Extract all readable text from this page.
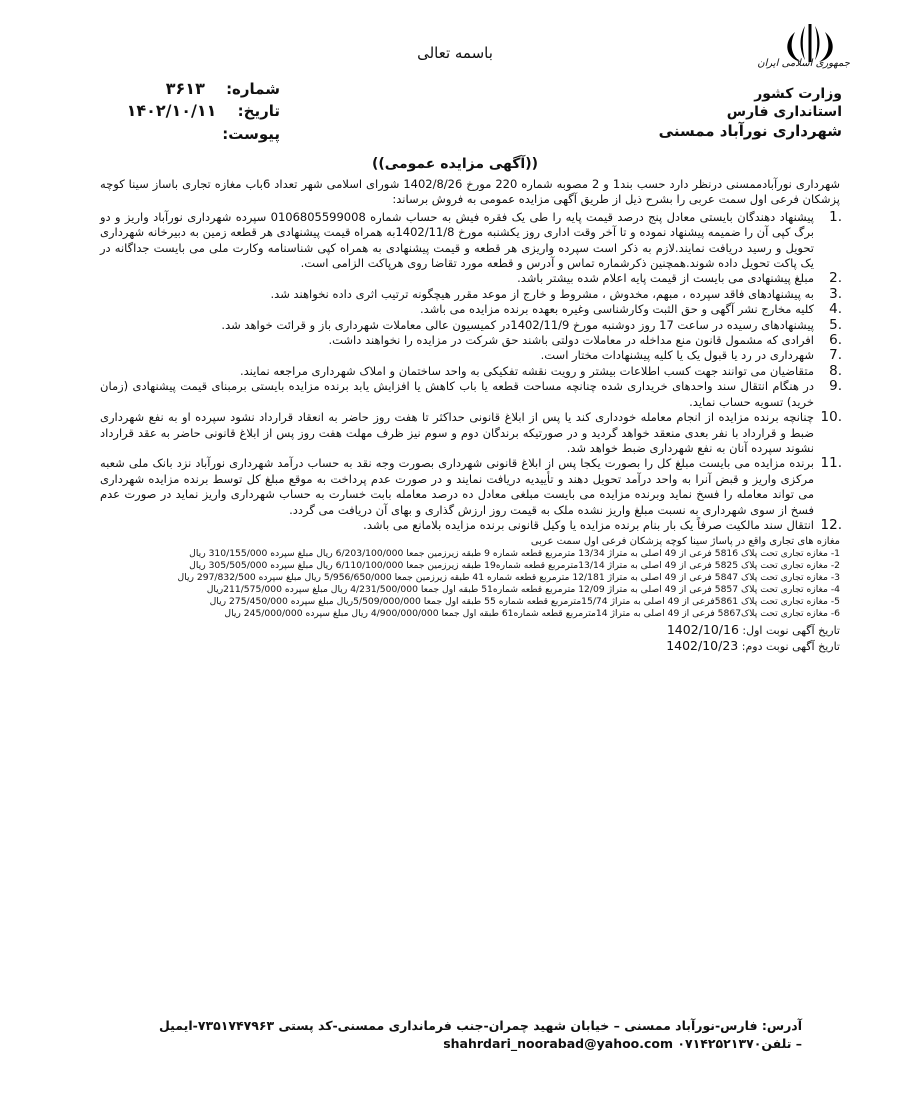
باسمه تعالی
جمهوری اسلامی ایران
وزارت کشور
استانداری فارس
شهرداری نورآباد ممسنی
شماره: ۳۶۱۳
تاریخ: ۱۴۰۲/۱۰/۱۱
پیوست:
((آگهی مزایده عمومی))

شهرداری نورآبادممسنی درنظر دارد حسب بند1 و 2 مصوبه شماره 220 مورخ 1402/8/26 شورای اسلامی شهر تعداد 6باب مغازه تجاری باساز سینا کوچه پزشکان فرعی اول سمت عربی را بشرح ذیل از طریق آگهی مزایده عمومی به فروش برساند:

1.
پیشنهاد دهندگان بایستی معادل پنج درصد قیمت پایه را طی یک فقره فیش به حساب شماره 0106805599008 سپرده شهرداری نورآباد واریز و دو برگ کپی آن را ضمیمه پیشنهاد نموده و تا آخر وقت اداری روز یکشنبه مورخ 1402/11/8به همراه قیمت پیشنهادی هر قطعه زمین به دبیرخانه شهرداری تحویل و رسید دریافت نمایند.لازم به ذکر است سپرده واریزی هر قطعه و قیمت پیشنهادی به همراه کپی شناسنامه وکارت ملی می بایست جداگانه در یک پاکت تحویل داده شوند.همچنین ذکرشماره تماس و آدرس و قطعه مورد تقاضا روی هرپاکت الزامی است.
2.
مبلغ پیشنهادی می بایست از قیمت پایه اعلام شده بیشتر باشد.
3.
به پیشنهادهای فاقد سپرده ، مبهم، مخدوش ، مشروط و خارج از موعد مقرر هیچگونه ترتیب اثری داده نخواهند شد.
4.
کلیه مخارج نشر آگهی و حق الثبت وکارشناسی وغیره بعهده برنده مزایده می باشد.
5.
پیشنهادهای رسیده در ساعت 17 روز دوشنبه مورخ 1402/11/9در کمیسیون عالی معاملات شهرداری باز و قرائت خواهد شد.
6.
افرادی که مشمول قانون منع مداخله در معاملات دولتی باشند حق شرکت در مزایده را نخواهند داشت.
7.
شهرداری در رد یا قبول یک یا کلیه پیشنهادات مختار است.
8.
متقاضیان می توانند جهت کسب اطلاعات بیشتر و رویت نقشه تفکیکی به واحد ساختمان و املاک شهرداری مراجعه نمایند.
9.
در هنگام انتقال سند واحدهای خریداری شده چنانچه مساحت قطعه یا باب کاهش یا افزایش یابد برنده مزایده بایستی برمبنای قیمت پیشنهادی (زمان خرید) تسویه حساب نماید.
10.
چنانچه برنده مزایده از انجام معامله خودداری کند یا پس از ابلاغ قانونی حداکثر تا هفت روز حاضر به انعقاد قرارداد نشود سپرده او به نفع شهرداری ضبط و قرارداد با نفر بعدی منعقد خواهد گردید و در صورتیکه برندگان دوم و سوم نیز ظرف مهلت هفت روز پس از ابلاغ قانونی حاضر به عقد قرارداد نشوند سپرده آنان به نفع شهرداری ضبط خواهد شد.
11.
برنده مزایده می بایست مبلغ کل را بصورت یکجا پس از ابلاغ قانونی شهرداری بصورت وجه نقد به حساب درآمد شهرداری نورآباد نزد بانک ملی شعبه مرکزی واریز و قبض آنرا به واحد درآمد تحویل دهند و تأییدیه دریافت نمایند و در صورت عدم پرداخت به موقع مبلغ کل توسط برنده مزایده شهرداری می تواند معامله را فسخ نماید وبرنده مزایده می بایست مبلغی معادل ده درصد معامله بابت خسارت به حساب شهرداری واریز نماید در صورت عدم فسخ از سوی شهرداری به نسبت مبلغ واریز نشده ملک به قیمت روز ارزش گذاری و بهای آن دریافت می گردد.
12.
انتقال سند مالکیت صرفاً یک بار بنام برنده مزایده یا وکیل قانونی برنده مزایده بلامانع می باشد.
مغازه های تجاری واقع در پاساژ سینا کوچه پزشکان فرعی اول سمت عربی
1- مغازه تجاری تحت پلاک 5816 فرعی از 49 اصلی به متراژ 13/34 مترمربع قطعه شماره 9 طبقه زیرزمین جمعا 6/203/100/000 ریال مبلغ سپرده 310/155/000 ریال
2- مغازه تجاری تحت پلاک 5825 فرعی از 49 اصلی به متراژ 13/14مترمربع قطعه شماره19 طبقه زیرزمین جمعا 6/110/100/000 ریال مبلغ سپرده 305/505/000 ریال
3- مغازه تجاری تحت پلاک 5847 فرعی از 49 اصلی به متراژ 12/181 مترمربع قطعه شماره 41 طبقه زیرزمین جمعا 5/956/650/000 ریال مبلغ سپرده 297/832/500 ریال
4- مغازه تجاری تحت پلاک 5857 فرعی از 49 اصلی به متراژ 12/09 مترمربع قطعه شماره51 طبقه اول جمعا 4/231/500/000 ریال مبلغ سپرده 211/575/000ریال
5- مغازه تجاری تحت پلاک 5861فرعی از 49 اصلی به متراژ 15/74مترمربع قطعه شماره 55 طبقه اول جمعا 5/509/000/000ریال مبلغ سپرده 275/450/000 ریال
6- مغازه تجاری تحت پلاک5867 فرعی از 49 اصلی به متراژ 14مترمربع قطعه شماره61 طبقه اول جمعا 4/900/000/000 ریال مبلغ سپرده 245/000/000 ریال
تاریخ آگهی نوبت اول: 1402/10/16
تاریخ آگهی نوبت دوم: 1402/10/23
آدرس: فارس-نورآباد ممسنی – خیابان شهید چمران-جنب فرمانداری ممسنی-کد پستی ۷۳۵۱۷۴۷۹۶۳-ایمیل
– تلفن۰۷۱۴۲۵۲۱۳۷۰ shahrdari_noorabad@yahoo.com
